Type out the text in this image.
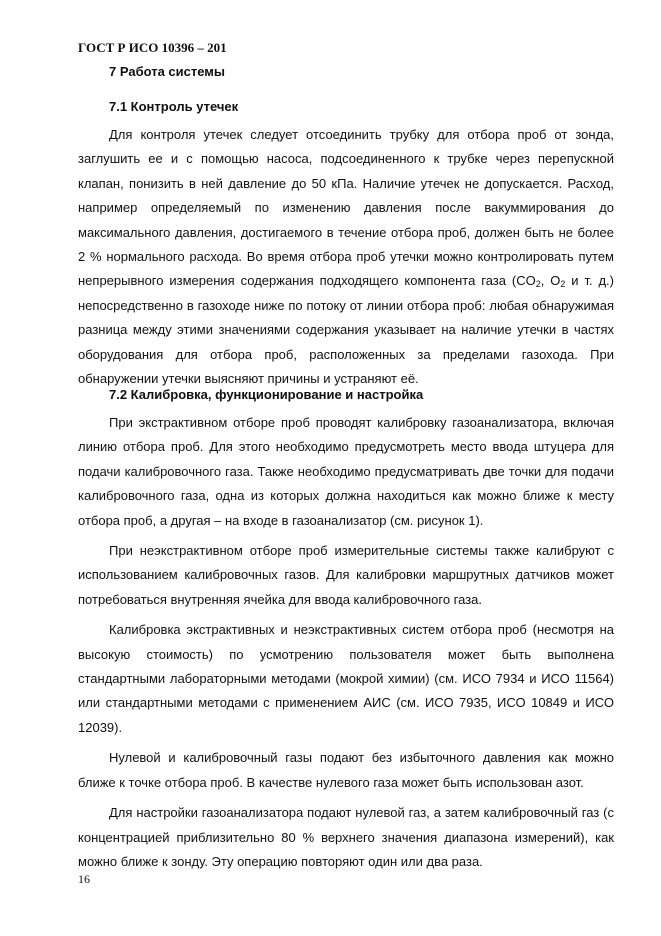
ГОСТ Р ИСО 10396 – 201
7 Работа системы
7.1 Контроль утечек

Для контроля утечек следует отсоединить трубку для отбора проб от зонда, заглушить ее и с помощью насоса, подсоединенного к трубке через перепускной клапан, понизить в ней давление до 50 кПа. Наличие утечек не допускается. Расход, например определяемый по изменению давления после вакуммирования до максимального давления, достигаемого в течение отбора проб, должен быть не более 2 % нормального расхода. Во время отбора проб утечки можно контролировать путем непрерывного измерения содержания подходящего компонента газа ($CO_2$, $O_2$ и т. д.) непосредственно в газоходе ниже по потоку от линии отбора проб: любая обнаружимая разница между этими значениями содержания указывает на наличие утечки в частях оборудования для отбора проб, расположенных за пределами газохода. При обнаружении утечки выясняют причины и устраняют её.

7.2 Калибровка, функционирование и настройка

При экстрактивном отборе проб проводят калибровку газоанализатора, включая линию отбора проб. Для этого необходимо предусмотреть место ввода штуцера для подачи калибровочного газа. Также необходимо предусматривать две точки для подачи калибровочного газа, одна из которых должна находиться как можно ближе к месту отбора проб, а другая – на входе в газоанализатор (см. рисунок 1).

При неэкстрактивном отборе проб измерительные системы также калибруют с использованием калибровочных газов. Для калибровки маршрутных датчиков может потребоваться внутренняя ячейка для ввода калибровочного газа.

Калибровка экстрактивных и неэкстрактивных систем отбора проб (несмотря на высокую стоимость) по усмотрению пользователя может быть выполнена стандартными лабораторными методами (мокрой химии) (см. ИСО 7934 и ИСО 11564) или стандартными методами с применением АИС (см. ИСО 7935, ИСО 10849 и ИСО 12039).

Нулевой и калибровочный газы подают без избыточного давления как можно ближе к точке отбора проб. В качестве нулевого газа может быть использован азот.

Для настройки газоанализатора подают нулевой газ, а затем калибровочный газ (с концентрацией приблизительно 80 % верхнего значения диапазона измерений), как можно ближе к зонду. Эту операцию повторяют один или два раза.

16
